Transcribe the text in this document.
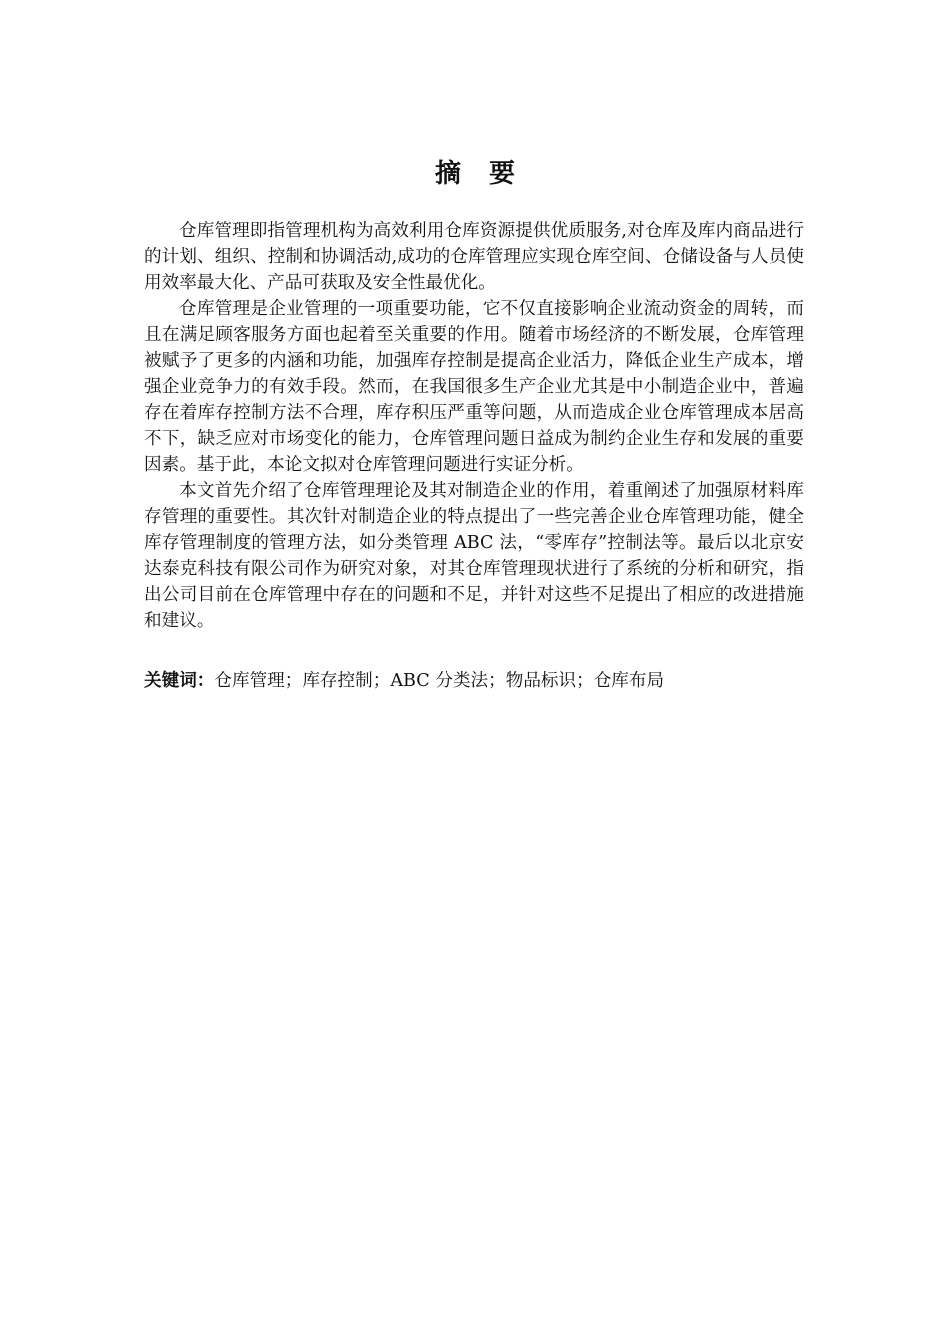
摘要

仓库管理即指管理机构为高效利用仓库资源提供优质服务,对仓库及库内商品进行的计划、组织、控制和协调活动,成功的仓库管理应实现仓库空间、仓储设备与人员使用效率最大化、产品可获取及安全性最优化。

仓库管理是企业管理的一项重要功能，它不仅直接影响企业流动资金的周转，而且在满足顾客服务方面也起着至关重要的作用。随着市场经济的不断发展，仓库管理被赋予了更多的内涵和功能，加强库存控制是提高企业活力，降低企业生产成本，增强企业竞争力的有效手段。然而，在我国很多生产企业尤其是中小制造企业中，普遍存在着库存控制方法不合理，库存积压严重等问题，从而造成企业仓库管理成本居高不下，缺乏应对市场变化的能力，仓库管理问题日益成为制约企业生存和发展的重要因素。基于此，本论文拟对仓库管理问题进行实证分析。

本文首先介绍了仓库管理理论及其对制造企业的作用，着重阐述了加强原材料库存管理的重要性。其次针对制造企业的特点提出了一些完善企业仓库管理功能，健全库存管理制度的管理方法，如分类管理 ABC 法，“零库存”控制法等。最后以北京安达泰克科技有限公司作为研究对象，对其仓库管理现状进行了系统的分析和研究，指出公司目前在仓库管理中存在的问题和不足，并针对这些不足提出了相应的改进措施和建议。

关键词：仓库管理；库存控制；ABC 分类法；物品标识；仓库布局
